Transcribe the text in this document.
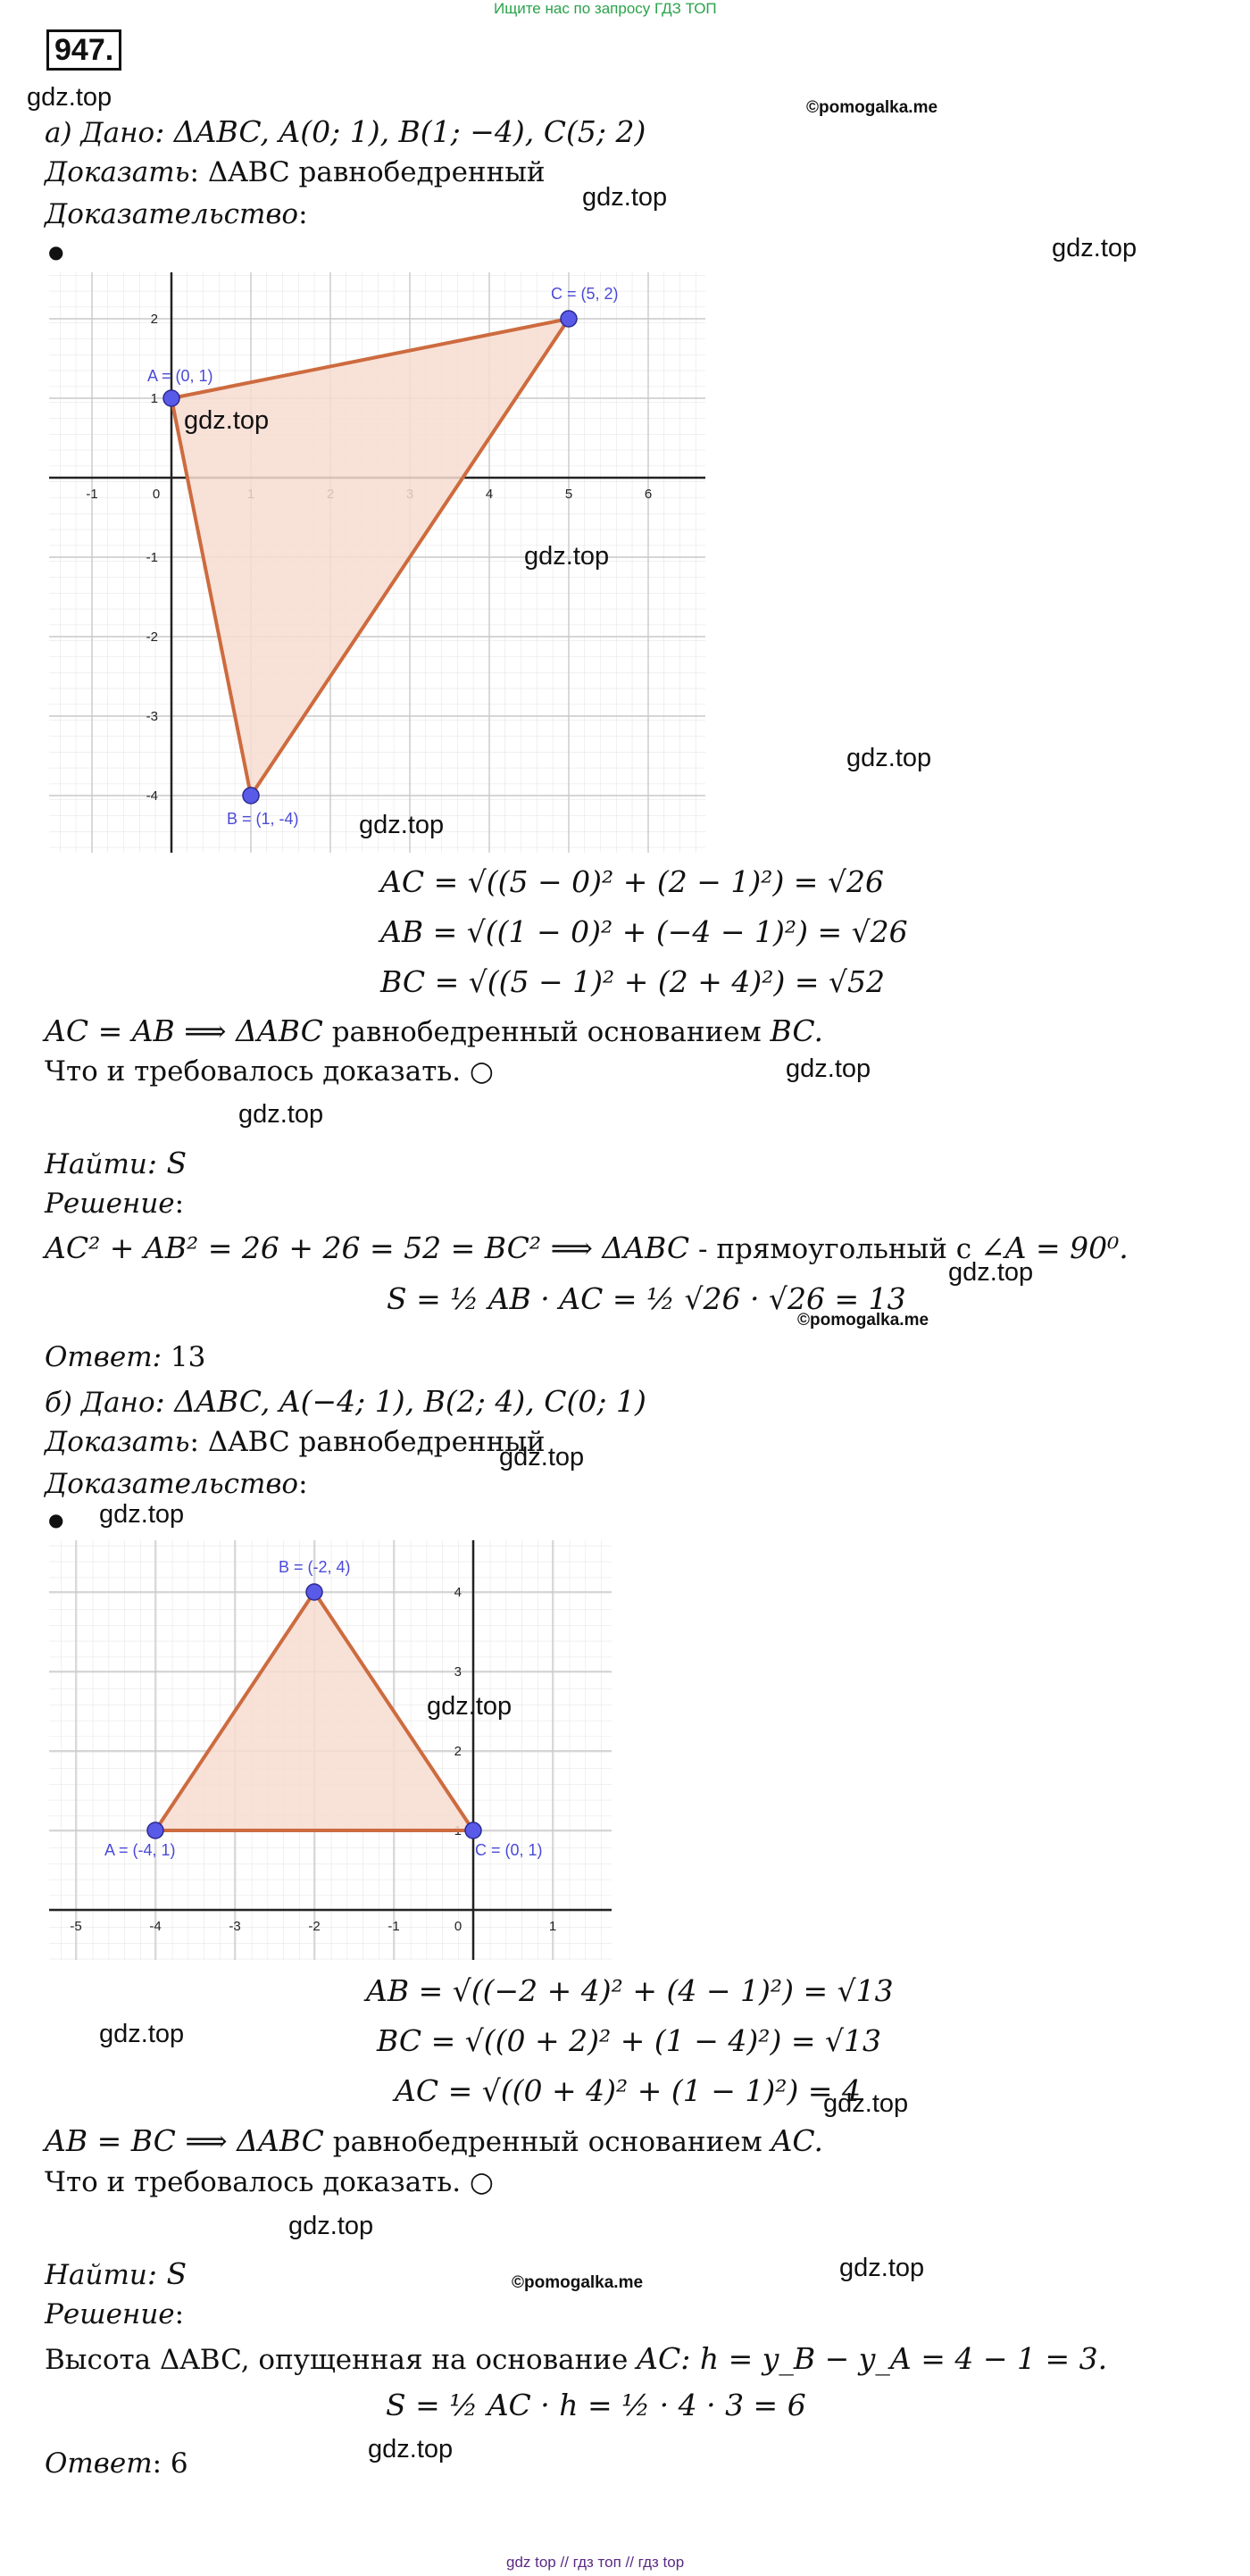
Ищите нас по запросу ГДЗ ТОП
947.
gdz.top	©pomogalka.me
а) Дано: ΔABC, A(0; 1), B(1; −4), C(5; 2)
Доказать: ΔABC равнобедренный
Доказательство:
gdz.top
gdz.top
●
-1	0	4	5	6
2
1
-1
-2
-3
-4
A = (0, 1)
C = (5, 2)
B = (1, -4)
gdz.top
gdz.top
gdz.top
gdz.top
AC = √((5 − 0)² + (2 − 1)²) = √26
AB = √((1 − 0)² + (−4 − 1)²) = √26
BC = √((5 − 1)² + (2 + 4)²) = √52
AC = AB ⟹ ΔABC равнобедренный основанием BC.
gdz.top
Что и требовалось доказать. ○
gdz.top
Найти: S
Решение:
AC² + AB² = 26 + 26 = 52 = BC² ⟹ ΔABC - прямоугольный с ∠A = 90⁰.
gdz.top
S = ½ AB · AC = ½ √26 · √26 = 13
©pomogalka.me
Ответ: 13
б) Дано: ΔABC, A(−4; 1), B(2; 4), C(0; 1)
Доказать: ΔABC равнобедренный
gdz.top
Доказательство:
● gdz.top
-5	-4	-3	-2	-1	0	1
4
3
2
A = (-4, 1)
B = (-2, 4)
C = (0, 1)
gdz.top
AB = √((−2 + 4)² + (4 − 1)²) = √13
gdz.top	BC = √((0 + 2)² + (1 − 4)²) = √13
AC = √((0 + 4)² + (1 − 1)²) = 4
gdz.top
AB = BC ⟹ ΔABC равнобедренный основанием AC.
Что и требовалось доказать. ○
gdz.top
Найти: S	©pomogalka.me
gdz.top
Решение:
Высота ΔABC, опущенная на основание AC: h = y_B − y_A = 4 − 1 = 3.
S = ½ AC · h = ½ · 4 · 3 = 6
gdz.top
Ответ: 6
gdz top // гдз топ // гдз top
